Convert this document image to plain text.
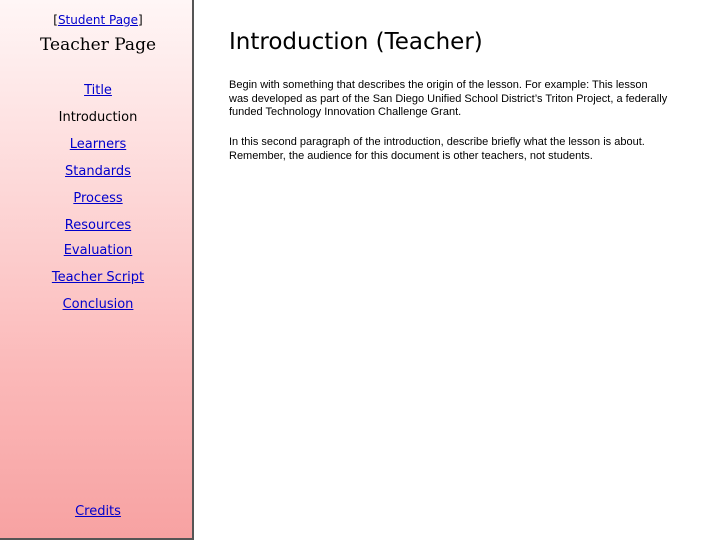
[Student Page]
Teacher Page
Title
Introduction
Learners
Standards
Process
Resources
Evaluation
Teacher Script
Conclusion
Credits
Introduction (Teacher)
Begin with something that describes the origin of the lesson. For example: This lesson was developed as part of the San Diego Unified School District’s Triton Project, a federally funded Technology Innovation Challenge Grant.
In this second paragraph of the introduction, describe briefly what the lesson is about. Remember, the audience for this document is other teachers, not students.
